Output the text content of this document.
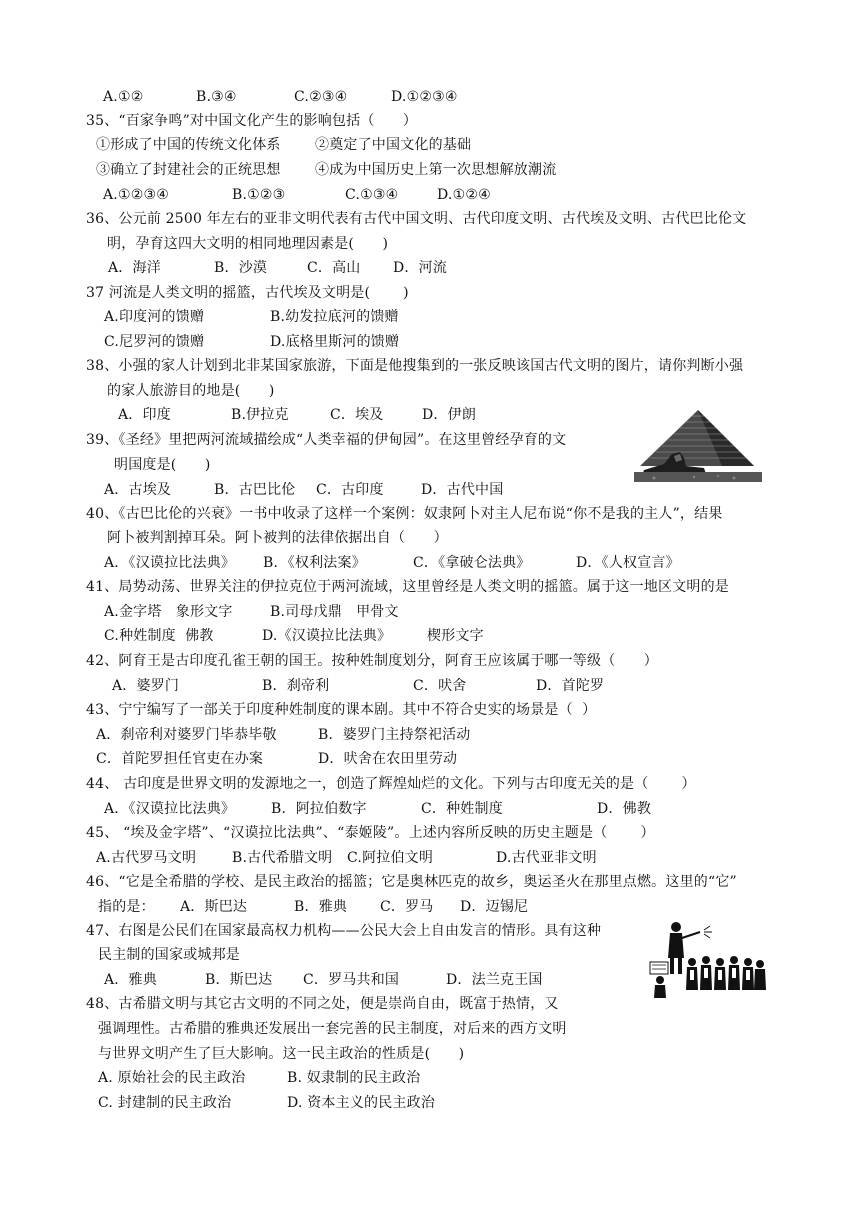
A.①②	B.③④	C.②③④	D.①②③④
35、“百家争鸣”对中国文化产生的影响包括（　　）
①形成了中国的传统文化体系 ②奠定了中国文化的基础
③确立了封建社会的正统思想 ④成为中国历史上第一次思想解放潮流
A.①②③④	B.①②③	C.①③④	D.①②④
36、公元前 2500 年左右的亚非文明代表有古代中国文明、古代印度文明、古代埃及文明、古代巴比伦文
明，孕育这四大文明的相同地理因素是(　　)
A．海洋	B．沙漠	C．高山 D．河流
37 河流是人类文明的摇篮，古代埃及文明是(　　 )
A.印度河的馈赠	B.幼发拉底河的馈赠
C.尼罗河的馈赠	D.底格里斯河的馈赠
38、小强的家人计划到北非某国家旅游，下面是他搜集到的一张反映该国古代文明的图片，请你判断小强
的家人旅游目的地是(　　)
A．印度	B.伊拉克	C．埃及	D．伊朗
39、《圣经》里把两河流域描绘成“人类幸福的伊甸园”。在这里曾经孕育的文
明国度是(　　)
A．古埃及	B．古巴比伦 C．古印度	D．古代中国
40、《古巴比伦的兴衰》一书中收录了这样一个案例：奴隶阿卜对主人尼布说“你不是我的主人”，结果
阿卜被判割掉耳朵。阿卜被判的法律依据出自（　　）
A．《汉谟拉比法典》 B．《权利法案》	C．《拿破仑法典》	D．《人权宣言》
41、局势动荡、世界关注的伊拉克位于两河流域，这里曾经是人类文明的摇篮。属于这一地区文明的是
A.金字塔　象形文字	B.司母戊鼎　甲骨文
C.种姓制度  佛教	D.《汉谟拉比法典》	楔形文字
42、阿育王是古印度孔雀王朝的国王。按种姓制度划分，阿育王应该属于哪一等级（　　）
A．婆罗门	B．刹帝利	C．吠舍	D．首陀罗
43、宁宁编写了一部关于印度种姓制度的课本剧。其中不符合史实的场景是（  ）
A．刹帝利对婆罗门毕恭毕敬	B．婆罗门主持祭祀活动
C．首陀罗担任官吏在办案	D．吠舍在农田里劳动
44、 古印度是世界文明的发源地之一，创造了辉煌灿烂的文化。下列与古印度无关的是（　　 ）
A．《汉谟拉比法典》	B．阿拉伯数字	C．种姓制度	D．佛教
45、 “埃及金字塔”、“汉谟拉比法典”、“泰姬陵”。上述内容所反映的历史主题是（　　 ）
A.古代罗马文明	B.古代希腊文明 C.阿拉伯文明	D.古代亚非文明
46、“它是全希腊的学校、是民主政治的摇篮；它是奥林匹克的故乡，奥运圣火在那里点燃。这里的“它”
指的是： A．斯巴达	B．雅典 C．罗马 D．迈锡尼
47、右图是公民们在国家最高权力机构——公民大会上自由发言的情形。具有这种
民主制的国家或城邦是
A．雅典	B．斯巴达 C．罗马共和国	D．法兰克王国
48、古希腊文明与其它古文明的不同之处，便是崇尚自由，既富于热情，又
强调理性。古希腊的雅典还发展出一套完善的民主制度，对后来的西方文明
与世界文明产生了巨大影响。这一民主政治的性质是(　　)
A. 原始社会的民主政治	B. 奴隶制的民主政治
C. 封建制的民主政治	D. 资本主义的民主政治
